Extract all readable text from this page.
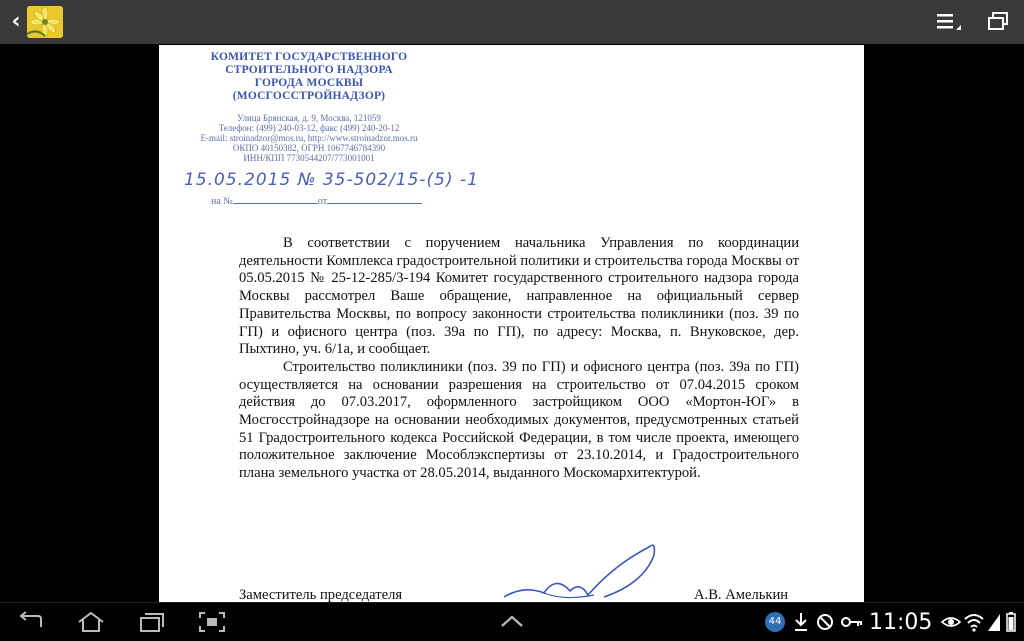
‹
КОМИТЕТ ГОСУДАРСТВЕННОГО
СТРОИТЕЛЬНОГО НАДЗОРА
ГОРОДА МОСКВЫ
(МОСГОССТРОЙНАДЗОР)
Улица Брянская, д. 9, Москва, 121059
Телефон: (499) 240-03-12, факс (499) 240-20-12
E-mail: stroinadzor@mos.ru, http://www.stroinadzor.mos.ru
ОКПО 40150382, ОГРН 1067746784390
ИНН/КПП 7730544207/773001001
15.05.2015 № 35-502/15-(5) -1
на №	от

В соответствии с поручением начальника Управления по координации деятельности Комплекса градостроительной политики и строительства города Москвы от 05.05.2015 № 25-12-285/3-194 Комитет государственного строительного надзора города Москвы рассмотрел Ваше обращение, направленное на официальный сервер Правительства Москвы, по вопросу законности строительства поликлиники (поз. 39 по ГП) и офисного центра (поз. 39а по ГП), по адресу: Москва, п. Внуковское, дер. Пыхтино, уч. 6/1а, и сообщает.

Строительство поликлиники (поз. 39 по ГП) и офисного центра (поз. 39а по ГП) осуществляется на основании разрешения на строительство от 07.04.2015 сроком действия до 07.03.2017, оформленного застройщиком ООО «Мортон-ЮГ» в Мосгосстройнадзоре на основании необходимых документов, предусмотренных статьей 51 Градостроительного кодекса Российской Федерации, в том числе проекта, имеющего положительное заключение Мособлэкспертизы от 23.10.2014, и Градостроительного плана земельного участка от 28.05.2014, выданного Москомархитектурой.

Заместитель председателя	А.В. Амелькин
44	11:05
